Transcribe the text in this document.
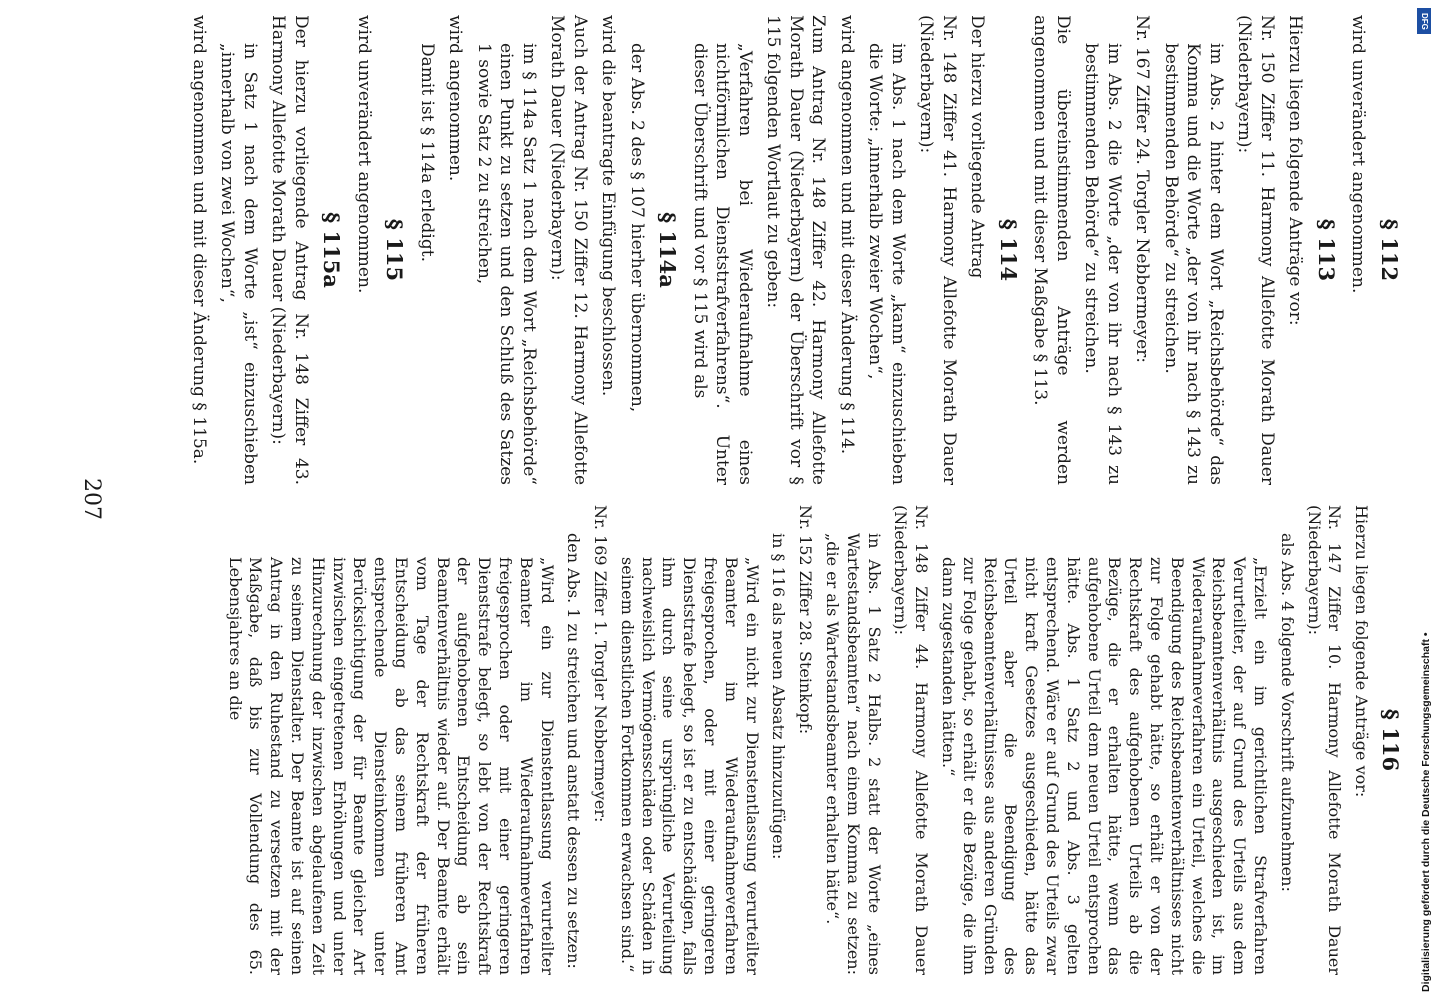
§ 112
wird unverändert angenommen.
§ 113
Hierzu liegen folgende Anträge vor:
Nr. 150 Ziffer 11. Harmony Allefotte Morath Dauer (Niederbayern):
im Abs. 2 hinter dem Wort „Reichsbehörde“ das Komma und die Worte „der von ihr nach § 143 zu bestimmenden Behörde“ zu streichen.
Nr. 167 Ziffer 24. Torgler Nebbermeyer:
im Abs. 2 die Worte „der von ihr nach § 143 zu bestimmenden Behörde“ zu streichen.
Die übereinstimmenden Anträge werden angenommen und mit dieser Maßgabe § 113.
§ 114
Der hierzu vorliegende Antrag
Nr. 148 Ziffer 41. Harmony Allefotte Morath Dauer (Niederbayern):
im Abs. 1 nach dem Worte „kann“ einzuschieben die Worte: „innerhalb zweier Wochen“,
wird angenommen und mit dieser Änderung § 114.
Zum Antrag Nr. 148 Ziffer 42. Harmony Allefotte Morath Dauer (Niederbayern) der Überschrift vor § 115 folgenden Wortlaut zu geben:
„Verfahren bei Wiederaufnahme eines nichtförmlichen Dienststrafverfahrens“. Unter dieser Überschrift und vor § 115 wird als
§ 114a
der Abs. 2 des § 107 hierher übernommen,
wird die beantragte Einfügung beschlossen.
Auch der Antrag Nr. 150 Ziffer 12. Harmony Allefotte Morath Dauer (Niederbayern):
im § 114a Satz 1 nach dem Wort „Reichsbehörde“ einen Punkt zu setzen und den Schluß des Satzes 1 sowie Satz 2 zu streichen,
wird angenommen.
Damit ist § 114a erledigt.
§ 115
wird unverändert angenommen.
§ 115a
Der hierzu vorliegende Antrag Nr. 148 Ziffer 43. Harmony Allefotte Morath Dauer (Niederbayern):
in Satz 1 nach dem Worte „ist“ einzuschieben „innerhalb von zwei Wochen“,
wird angenommen und mit dieser Änderung § 115a.
207
§ 116
Hierzu liegen folgende Anträge vor:
Nr. 147 Ziffer 10. Harmony Allefotte Morath Dauer (Niederbayern):
als Abs. 4 folgende Vorschrift aufzunehmen:
„Erzielt ein im gerichtlichen Strafverfahren Verurteilter, der auf Grund des Urteils aus dem Reichsbeamtenverhältnis ausgeschieden ist, im Wiederaufnahmeverfahren ein Urteil, welches die Beendigung des Reichsbeamtenverhältnisses nicht zur Folge gehabt hätte, so erhält er von der Rechtskraft des aufgehobenen Urteils ab die Bezüge, die er erhalten hätte, wenn das aufgehobene Urteil dem neuen Urteil entsprochen hätte. Abs. 1 Satz 2 und Abs. 3 gelten entsprechend. Wäre er auf Grund des Urteils zwar nicht kraft Gesetzes ausgeschieden, hätte das Urteil aber die Beendigung des Reichsbeamtenverhältnisses aus anderen Gründen zur Folge gehabt, so erhält er die Bezüge, die ihm dann zugestanden hätten.“
Nr. 148 Ziffer 44. Harmony Allefotte Morath Dauer (Niederbayern):
in Abs. 1 Satz 2 Halbs. 2 statt der Worte „eines Wartestandsbeamten“ nach einem Komma zu setzen: „die er als Wartestandsbeamter erhalten hätte“.
Nr. 152 Ziffer 28. Steinkopf:
in § 116 als neuen Absatz hinzuzufügen:
„Wird ein nicht zur Dienstentlassung verurteilter Beamter im Wiederaufnahmeverfahren freigesprochen, oder mit einer geringeren Dienststrafe belegt, so ist er zu entschädigen, falls ihm durch seine ursprüngliche Verurteilung nachweislich Vermögensschäden oder Schäden in seinem dienstlichen Fortkommen erwachsen sind.“
Nr. 169 Ziffer 1. Torgler Nebbermeyer:
den Abs. 1 zu streichen und anstatt dessen zu setzen:
„Wird ein zur Dienstentlassung verurteilter Beamter im Wiederaufnahmeverfahren freigesprochen oder mit einer geringeren Dienststrafe belegt, so lebt von der Rechtskraft der aufgehobenen Entscheidung ab sein Beamtenverhältnis wieder auf. Der Beamte erhält vom Tage der Rechtskraft der früheren Entscheidung ab das seinem früheren Amt entsprechende Diensteinkommen unter Berücksichtigung der für Beamte gleicher Art inzwischen eingetretenen Erhöhungen und unter Hinzurechnung der inzwischen abgelaufenen Zeit zu seinem Dienstalter. Der Beamte ist auf seinen Antrag in den Ruhestand zu versetzen mit der Maßgabe, daß bis zur Vollendung des 65. Lebensjahres an die
DFG
Digitalisierung gefördert durch die Deutsche Forschungsgemeinschaft •
